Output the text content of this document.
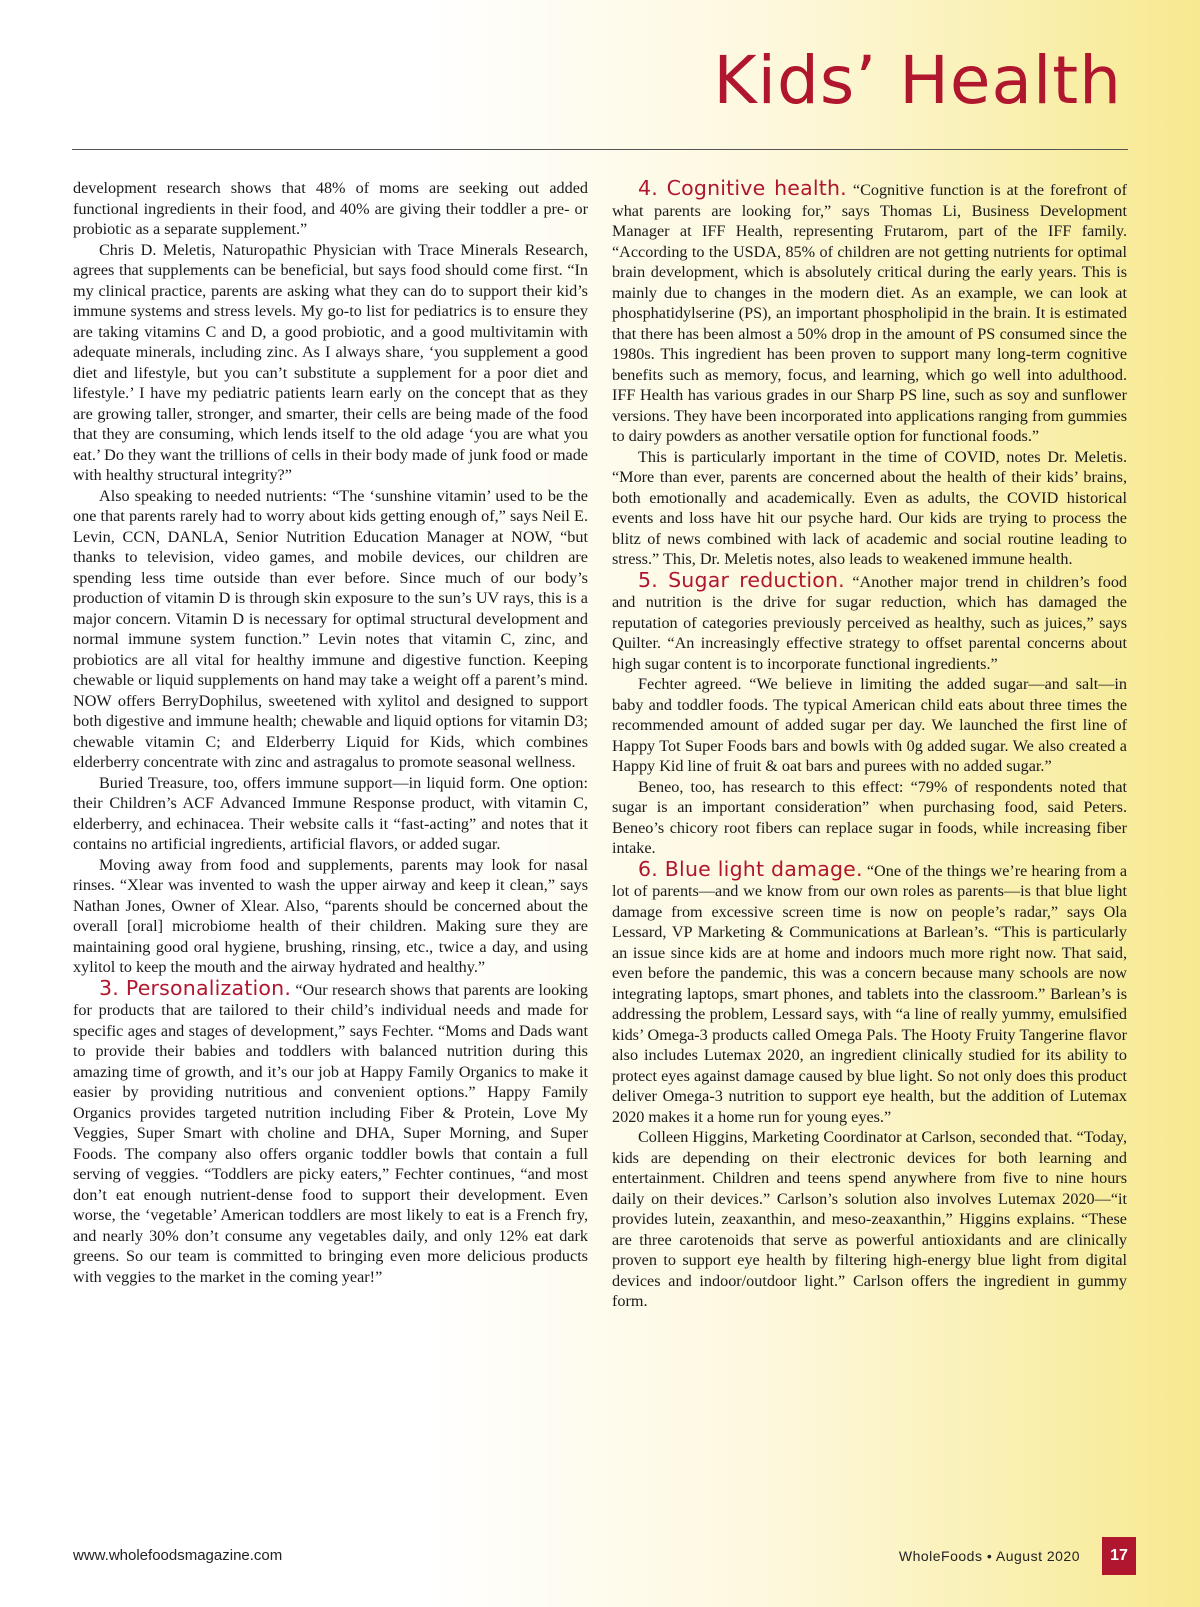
Kids’ Health

development research shows that 48% of moms are seeking out added functional ingredients in their food, and 40% are giving their toddler a pre- or probiotic as a separate supplement.”

Chris D. Meletis, Naturopathic Physician with Trace Minerals Research, agrees that supplements can be beneficial, but says food should come first. “In my clinical practice, parents are asking what they can do to support their kid’s immune systems and stress levels. My go-to list for pediatrics is to ensure they are taking vitamins C and D, a good probiotic, and a good multivitamin with adequate minerals, including zinc. As I always share, ‘you supplement a good diet and lifestyle, but you can’t substitute a supplement for a poor diet and lifestyle.’ I have my pediatric patients learn early on the concept that as they are growing taller, stronger, and smarter, their cells are being made of the food that they are consuming, which lends itself to the old adage ‘you are what you eat.’ Do they want the trillions of cells in their body made of junk food or made with healthy structural integrity?”

Also speaking to needed nutrients: “The ‘sunshine vitamin’ used to be the one that parents rarely had to worry about kids getting enough of,” says Neil E. Levin, CCN, DANLA, Senior Nutrition Education Manager at NOW, “but thanks to television, video games, and mobile devices, our children are spending less time outside than ever before. Since much of our body’s production of vitamin D is through skin exposure to the sun’s UV rays, this is a major concern. Vitamin D is necessary for optimal structural development and normal immune system function.” Levin notes that vitamin C, zinc, and probiotics are all vital for healthy immune and digestive function. Keeping chewable or liquid supplements on hand may take a weight off a parent’s mind. NOW offers BerryDophilus, sweetened with xylitol and designed to support both digestive and immune health; chewable and liquid options for vitamin D3; chewable vitamin C; and Elderberry Liquid for Kids, which combines elderberry concentrate with zinc and astragalus to promote seasonal wellness.

Buried Treasure, too, offers immune support—in liquid form. One option: their Children’s ACF Advanced Immune Response product, with vitamin C, elderberry, and echinacea. Their website calls it “fast-acting” and notes that it contains no artificial ingredients, artificial flavors, or added sugar.

Moving away from food and supplements, parents may look for nasal rinses. “Xlear was invented to wash the upper airway and keep it clean,” says Nathan Jones, Owner of Xlear. Also, “parents should be concerned about the overall [oral] microbiome health of their children. Making sure they are maintaining good oral hygiene, brushing, rinsing, etc., twice a day, and using xylitol to keep the mouth and the airway hydrated and healthy.”

3. Personalization. “Our research shows that parents are looking for products that are tailored to their child’s individual needs and made for specific ages and stages of development,” says Fechter. “Moms and Dads want to provide their babies and toddlers with balanced nutrition during this amazing time of growth, and it’s our job at Happy Family Organics to make it easier by providing nutritious and convenient options.” Happy Family Organics provides targeted nutrition including Fiber & Protein, Love My Veggies, Super Smart with choline and DHA, Super Morning, and Super Foods. The company also offers organic toddler bowls that contain a full serving of veggies. “Toddlers are picky eaters,” Fechter continues, “and most don’t eat enough nutrient-dense food to support their development. Even worse, the ‘vegetable’ American toddlers are most likely to eat is a French fry, and nearly 30% don’t consume any vegetables daily, and only 12% eat dark greens. So our team is committed to bringing even more delicious products with veggies to the market in the coming year!”

4. Cognitive health. “Cognitive function is at the forefront of what parents are looking for,” says Thomas Li, Business Development Manager at IFF Health, representing Frutarom, part of the IFF family. “According to the USDA, 85% of children are not getting nutrients for optimal brain development, which is absolutely critical during the early years. This is mainly due to changes in the modern diet. As an example, we can look at phosphatidylserine (PS), an important phospholipid in the brain. It is estimated that there has been almost a 50% drop in the amount of PS consumed since the 1980s. This ingredient has been proven to support many long-term cognitive benefits such as memory, focus, and learning, which go well into adulthood. IFF Health has various grades in our Sharp PS line, such as soy and sunflower versions. They have been incorporated into applications ranging from gummies to dairy powders as another versatile option for functional foods.”

This is particularly important in the time of COVID, notes Dr. Meletis. “More than ever, parents are concerned about the health of their kids’ brains, both emotionally and academically. Even as adults, the COVID historical events and loss have hit our psyche hard. Our kids are trying to process the blitz of news combined with lack of academic and social routine leading to stress.” This, Dr. Meletis notes, also leads to weakened immune health.

5. Sugar reduction. “Another major trend in children’s food and nutrition is the drive for sugar reduction, which has damaged the reputation of categories previously perceived as healthy, such as juices,” says Quilter. “An increasingly effective strategy to offset parental concerns about high sugar content is to incorporate functional ingredients.”

Fechter agreed. “We believe in limiting the added sugar—and salt—in baby and toddler foods. The typical American child eats about three times the recommended amount of added sugar per day. We launched the first line of Happy Tot Super Foods bars and bowls with 0g added sugar. We also created a Happy Kid line of fruit & oat bars and purees with no added sugar.”

Beneo, too, has research to this effect: “79% of respondents noted that sugar is an important consideration” when purchasing food, said Peters. Beneo’s chicory root fibers can replace sugar in foods, while increasing fiber intake.

6. Blue light damage. “One of the things we’re hearing from a lot of parents—and we know from our own roles as parents—is that blue light damage from excessive screen time is now on people’s radar,” says Ola Lessard, VP Marketing & Communications at Barlean’s. “This is particularly an issue since kids are at home and indoors much more right now. That said, even before the pandemic, this was a concern because many schools are now integrating laptops, smart phones, and tablets into the classroom.” Barlean’s is addressing the problem, Lessard says, with “a line of really yummy, emulsified kids’ Omega-3 products called Omega Pals. The Hooty Fruity Tangerine flavor also includes Lutemax 2020, an ingredient clinically studied for its ability to protect eyes against damage caused by blue light. So not only does this product deliver Omega-3 nutrition to support eye health, but the addition of Lutemax 2020 makes it a home run for young eyes.”

Colleen Higgins, Marketing Coordinator at Carlson, seconded that. “Today, kids are depending on their electronic devices for both learning and entertainment. Children and teens spend anywhere from five to nine hours daily on their devices.” Carlson’s solution also involves Lutemax 2020—“it provides lutein, zeaxanthin, and meso-zeaxanthin,” Higgins explains. “These are three carotenoids that serve as powerful antioxidants and are clinically proven to support eye health by filtering high-energy blue light from digital devices and indoor/outdoor light.” Carlson offers the ingredient in gummy form.

www.wholefoodsmagazine.com	WholeFoods • August 2020	17
